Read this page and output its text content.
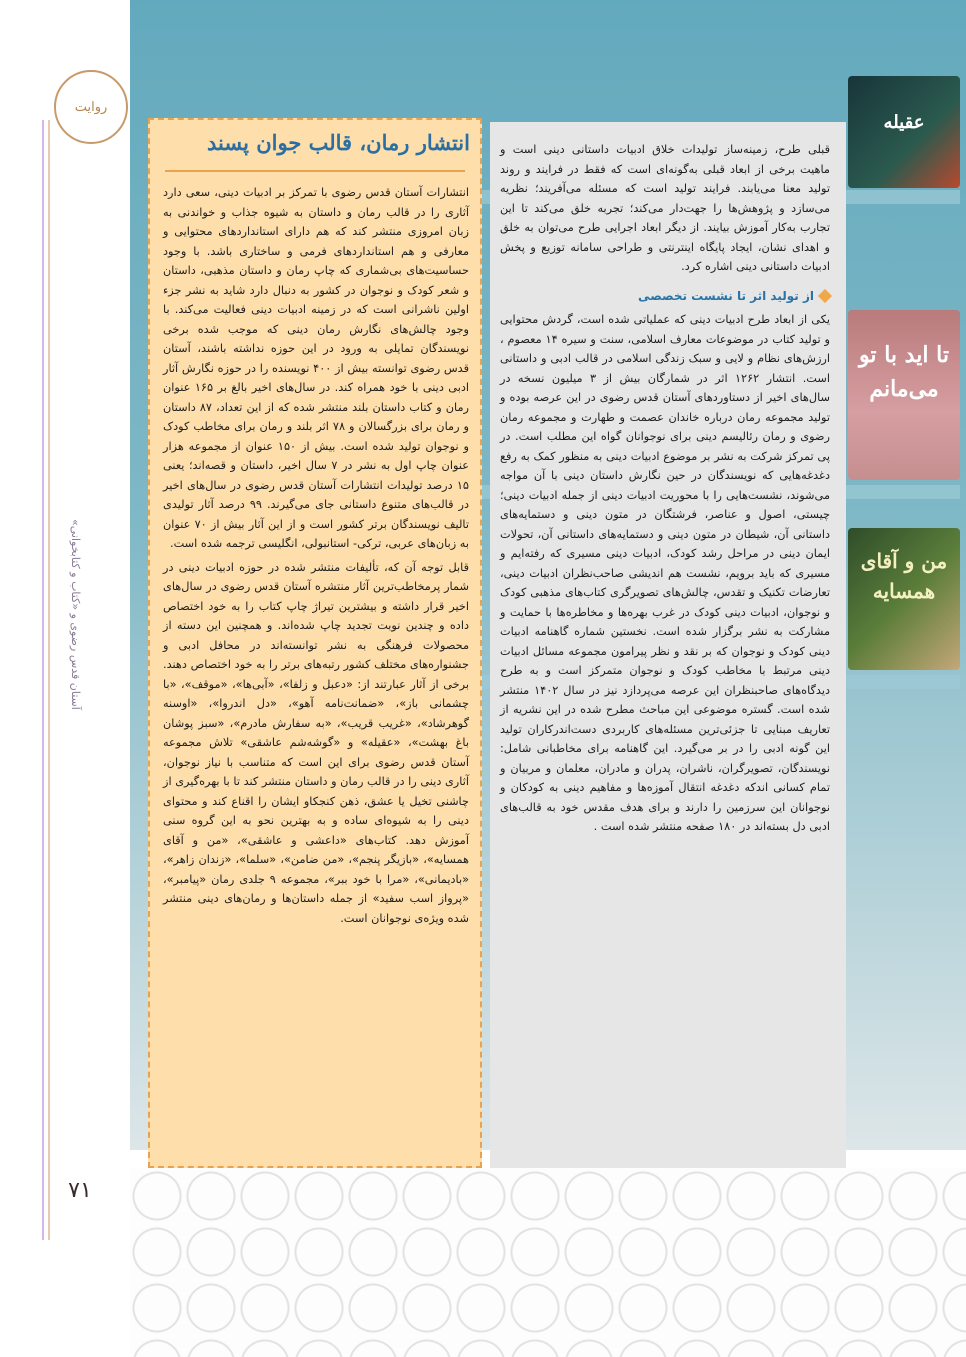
عقیله
تا اید با تو می‌مانم
من و آقای همسایه
روایت
آستان قدس رضوی و «کتاب و کتابخوانی»
۷۱

قبلی طرح، زمینه‌ساز تولیدات خلاق ادبیات داستانی دینی است و ماهیت برخی از ابعاد قبلی به‌گونه‌ای است که فقط در فرایند و روند تولید معنا می‌یابند. فرایند تولید است که مسئله‌ می‌آفریند؛ نظریه می‌سازد و پژوهش‌ها را جهت‌دار می‌کند؛ تجربه خلق می‌کند تا این تجارب به‌کار آموزش بیایند. از دیگر ابعاد اجرایی طرح می‌توان به خلق و اهدای نشان، ایجاد پایگاه اینترنتی و طراحی سامانه توزیع و پخش ادبیات داستانی دینی اشاره کرد.

از تولید اثر تا نشست تخصصی

یکی از ابعاد طرح ادبیات دینی که عملیاتی شده است، گردش محتوایی و تولید کتاب در موضوعات معارف اسلامی، سنت و سیره ۱۴ معصوم ، ارزش‌های نظام و لایی و سبک زندگی اسلامی در قالب ادبی و داستانی است. انتشار ۱۲۶۲ اثر در شمارگان بیش از ۳ میلیون نسخه در سال‌های اخیر از دستاوردهای آستان قدس رضوی در این عرصه بوده و تولید مجموعه رمان درباره خاندان عصمت و طهارت و مجموعه رمان رضوی و رمان رئالیسم دینی برای نوجوانان گواه این مطلب است. در پی تمرکز شرکت به نشر بر موضوع ادبیات دینی به منظور کمک به رفع دغدغه‌هایی که نویسندگان در حین نگارش داستان دینی با آن مواجه می‌شوند، نشست‌هایی را با محوریت ادبیات دینی از جمله ادبیات دینی؛ چیستی، اصول و عناصر، فرشتگان در متون دینی و دستمایه‌های داستانی آن، شیطان در متون دینی و دستمایه‌های داستانی آن، تحولات ایمان دینی در مراحل رشد کودک، ادبیات دینی مسیری که رفته‌ایم و مسیری که باید برویم، نشست هم اندیشی صاحب‌نظران ادبیات دینی، تعارضات تکنیک و تقدس، چالش‌های تصویرگری کتاب‌های مذهبی کودک و نوجوان، ادبیات دینی کودک در غرب بهره‌ها و مخاطره‌ها با حمایت و مشارکت به نشر برگزار شده است. نخستین شماره گاهنامه ادبیات دینی کودک و نوجوان که بر نقد و نظر پیرامون مجموعه مسائل ادبیات دینی مرتبط با مخاطب کودک و نوجوان متمرکز است و به طرح دیدگاه‌های صاحبنظران این عرصه می‌پردازد نیز در سال ۱۴۰۲ منتشر شده است. گستره موضوعی این مباحث مطرح شده در این نشریه از تعاریف مبنایی تا جزئی‌ترین مسئله‌های کاربردی دست‌اندرکاران تولید این گونه ادبی را در بر می‌گیرد. این گاهنامه برای مخاطبانی شامل: نویسندگان، تصویرگران، ناشران، پدران و مادران، معلمان و مربیان و تمام کسانی اندکه دغدغه انتقال آموزه‌ها و مفاهیم دینی به کودکان و نوجوانان این سرزمین را دارند و برای هدف مقدس خود به قالب‌های ادبی دل بسته‌اند در ۱۸۰ صفحه منتشر شده است .

انتشار رمان، قالب جوان پسند

انتشارات آستان قدس رضوی با تمرکز بر ادبیات دینی، سعی دارد آثاری را در قالب رمان و داستان به شیوه جذاب و خواندنی به زبان امروزی منتشر کند که هم دارای استانداردهای محتوایی و معارفی و هم استانداردهای فرمی و ساختاری باشد. با وجود حساسیت‌های بی‌شماری که چاپ رمان و داستان مذهبی، داستان و شعر کودک و نوجوان در کشور به دنبال دارد شاید به نشر جزء اولین ناشرانی است که در زمینه ادبیات دینی فعالیت می‌کند. با وجود چالش‌های نگارش رمان دینی که موجب شده برخی نویسندگان تمایلی به ورود در این حوزه نداشته باشند، آستان قدس رضوی توانسته بیش از ۴۰۰ نویسنده را در حوزه نگارش آثار ادبی دینی با خود همراه کند. در سال‌های اخیر بالغ بر ۱۶۵ عنوان رمان و کتاب داستان بلند منتشر شده که از این تعداد، ۸۷ داستان و رمان برای بزرگسالان و ۷۸ اثر بلند و رمان برای مخاطب کودک و نوجوان تولید شده است. بیش از ۱۵۰ عنوان از مجموعه هزار عنوان چاپ اول به نشر در ۷ سال اخیر، داستان و قصه‌اند؛ یعنی ۱۵ درصد تولیدات انتشارات آستان قدس رضوی در سال‌های اخیر در قالب‌های متنوع داستانی جای می‌گیرند. ۹۹ درصد آثار تولیدی تالیف نویسندگان برتر کشور است و از این آثار بیش از ۷۰ عنوان به زبان‌های عربی، ترکی- استانبولی، انگلیسی ترجمه شده است.

قابل توجه آن که، تألیفات منتشر شده در حوزه ادبیات دینی در شمار پرمخاطب‌ترین آثار منتشره آستان قدس رضوی در سال‌های اخیر قرار داشته و بیشترین تیراژ چاپ کتاب را به خود اختصاص داده و چندین نوبت تجدید چاپ شده‌اند. و همچنین این دسته از محصولات فرهنگی به نشر توانسته‌اند در محافل ادبی و جشنواره‌های مختلف کشور رتبه‌های برتر را به خود اختصاص دهند. برخی از آثار عبارتند از: «دعبل و زلفا»، «آبی‌ها»، «موقف»، «با چشمانی باز»، «ضمانت‌نامه آهو»، «دل اندروا»، «اوسنه گوهرشاد»، «غریب قریب»، «به سفارش مادرم»، «سبز پوشان باغ بهشت»، «عقیله» و «گوشه‌شم عاشقی» تلاش مجموعه آستان قدس رضوی برای این است که متناسب با نیاز نوجوان، آثاری دینی را در قالب رمان و داستان منتشر کند تا با بهره‌گیری از چاشنی تخیل یا عشق، ذهن کنجکاو ایشان را اقناع کند و محتوای دینی را به شیوه‌ای ساده و به بهترین نحو به این گروه سنی آموزش دهد. کتاب‌های «داعشی و عاشقی»، «من و آقای همسایه»، «بازیگر پنجم»، «من ضامن»، «سلما»، «زندان زاهر»، «بادیمانی»، «مرا با خود ببر»، مجموعه ۹ جلدی رمان «پیامبر»، «پرواز اسب سفید» از جمله داستان‌ها و رمان‌های دینی منتشر شده ویژه‌ی نوجوانان است.
